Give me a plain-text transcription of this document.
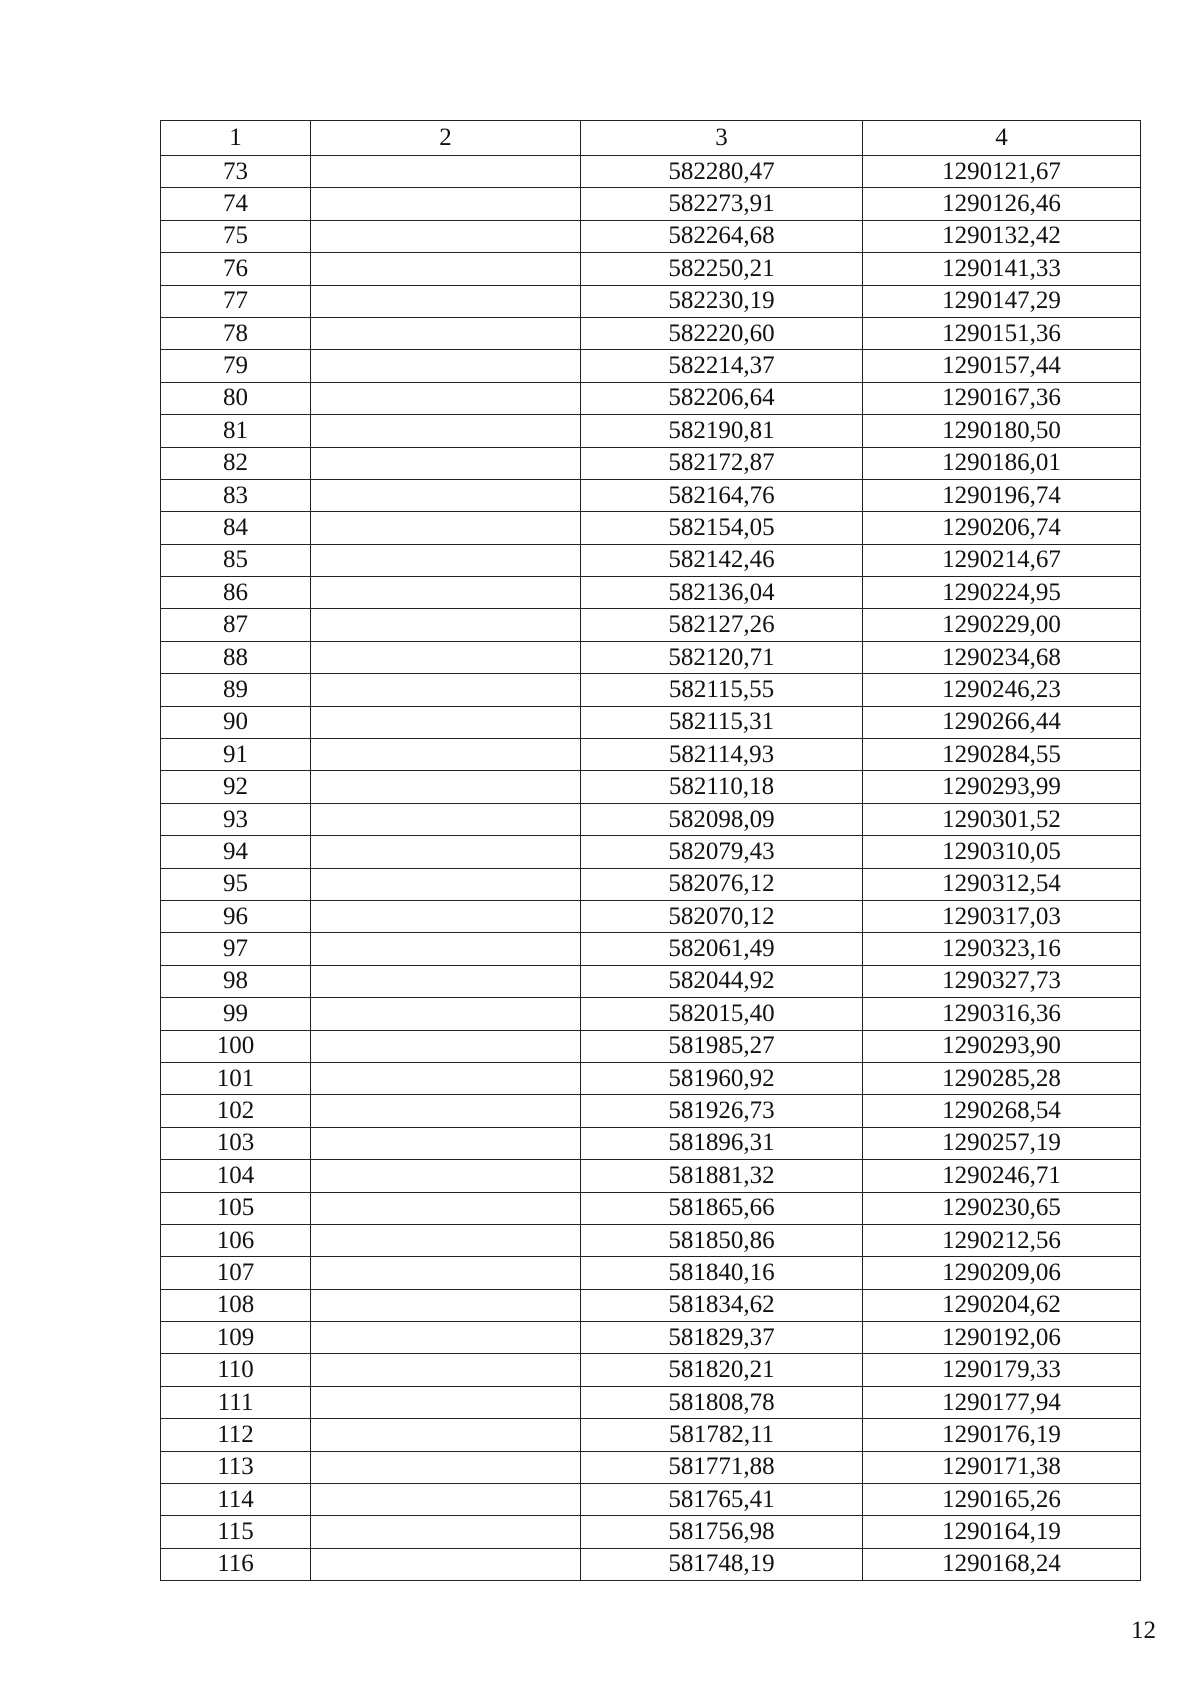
1	2	3	4
73		582280,47	1290121,67
74		582273,91	1290126,46
75		582264,68	1290132,42
76		582250,21	1290141,33
77		582230,19	1290147,29
78		582220,60	1290151,36
79		582214,37	1290157,44
80		582206,64	1290167,36
81		582190,81	1290180,50
82		582172,87	1290186,01
83		582164,76	1290196,74
84		582154,05	1290206,74
85		582142,46	1290214,67
86		582136,04	1290224,95
87		582127,26	1290229,00
88		582120,71	1290234,68
89		582115,55	1290246,23
90		582115,31	1290266,44
91		582114,93	1290284,55
92		582110,18	1290293,99
93		582098,09	1290301,52
94		582079,43	1290310,05
95		582076,12	1290312,54
96		582070,12	1290317,03
97		582061,49	1290323,16
98		582044,92	1290327,73
99		582015,40	1290316,36
100		581985,27	1290293,90
101		581960,92	1290285,28
102		581926,73	1290268,54
103		581896,31	1290257,19
104		581881,32	1290246,71
105		581865,66	1290230,65
106		581850,86	1290212,56
107		581840,16	1290209,06
108		581834,62	1290204,62
109		581829,37	1290192,06
110		581820,21	1290179,33
111		581808,78	1290177,94
112		581782,11	1290176,19
113		581771,88	1290171,38
114		581765,41	1290165,26
115		581756,98	1290164,19
116		581748,19	1290168,24
12
